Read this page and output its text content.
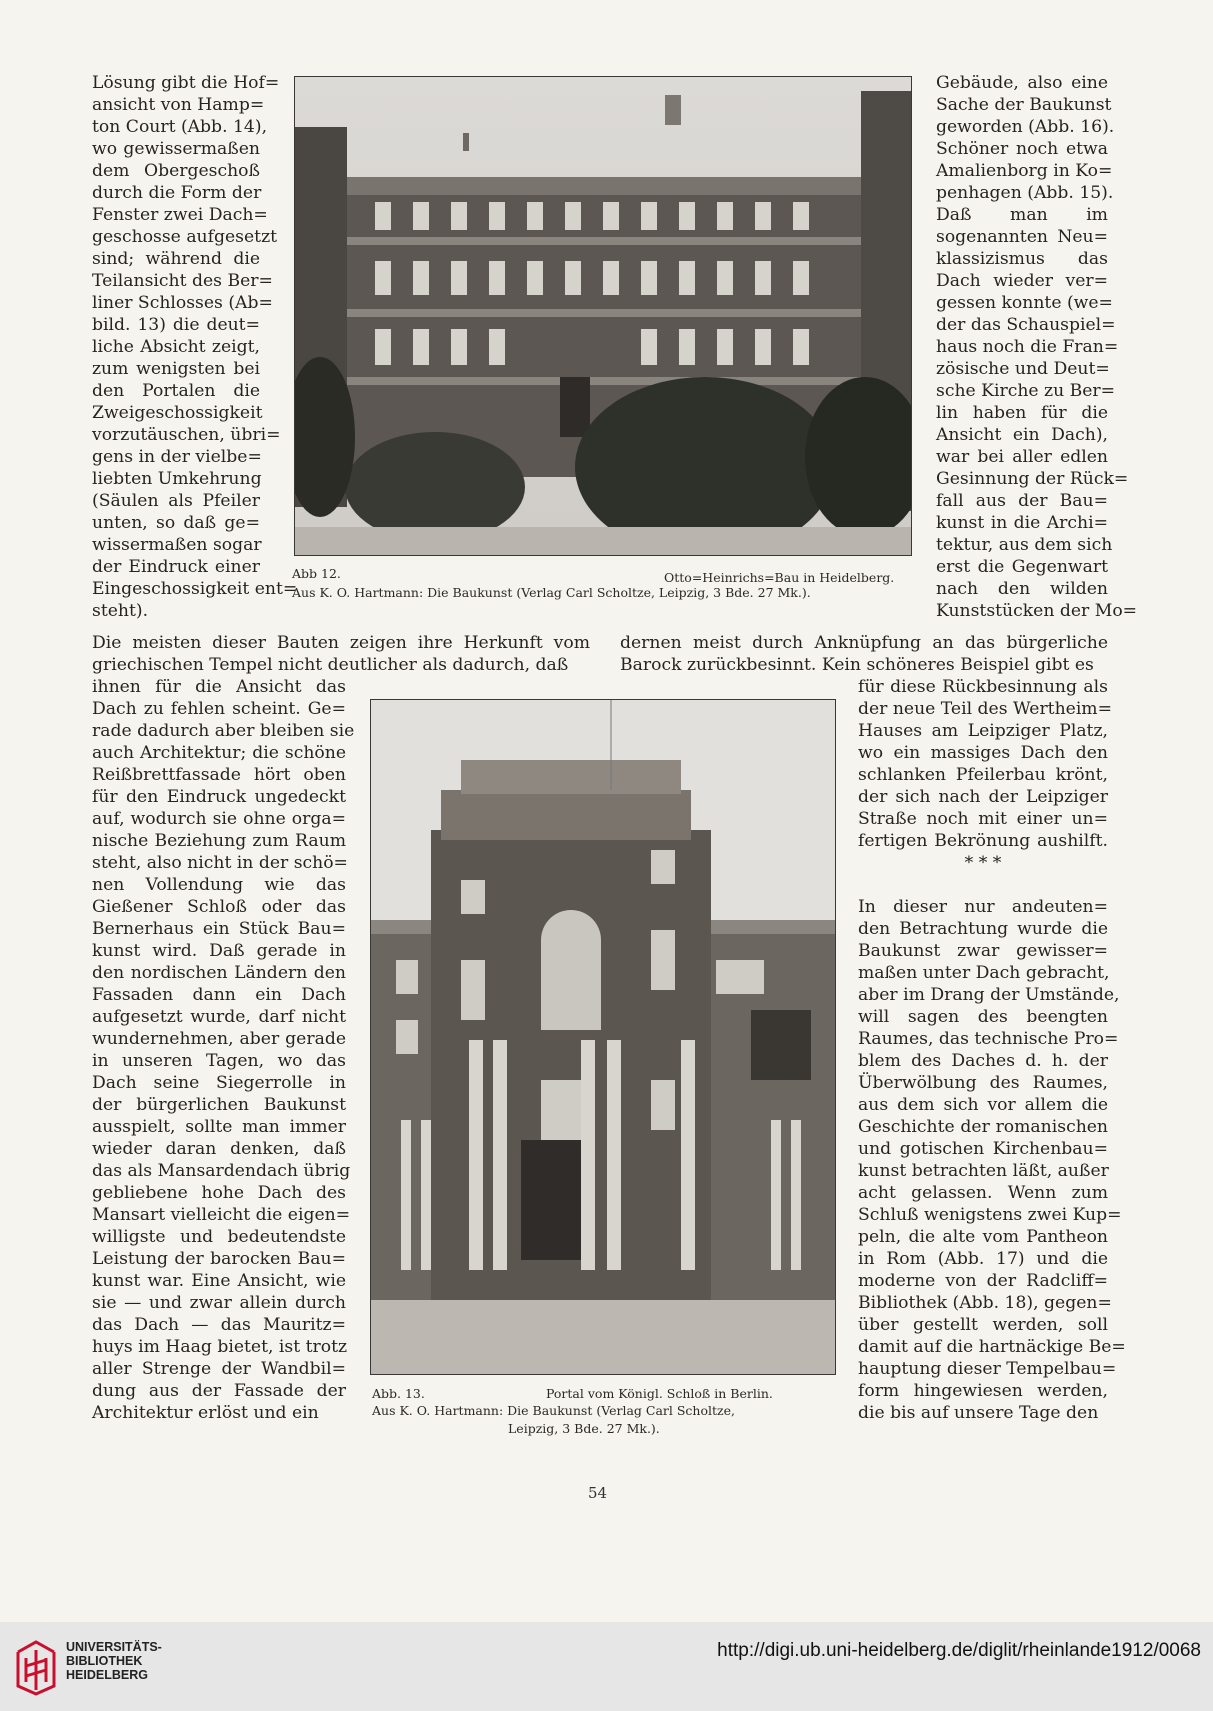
Lösung gibt die Hof=
ansicht von Hamp=
ton Court (Abb. 14),
wo gewissermaßen
dem Obergeschoß
durch die Form der
Fenster zwei Dach=
geschosse aufgesetzt
sind; während die
Teilansicht des Ber=
liner Schlosses (Ab=
bild. 13) die deut=
liche Absicht zeigt,
zum wenigsten bei
den Portalen die
Zweigeschossigkeit
vorzutäuschen, übri=
gens in der vielbe=
liebten Umkehrung
(Säulen als Pfeiler
unten, so daß ge=
wissermaßen sogar
der Eindruck einer
Eingeschossigkeit ent=
steht).
Abb 12.	Otto=Heinrichs=Bau in Heidelberg.
Aus K. O. Hartmann: Die Baukunst (Verlag Carl Scholtze, Leipzig, 3 Bde. 27 Mk.).
Gebäude, also eine
Sache der Baukunst
geworden (Abb. 16).
Schöner noch etwa
Amalienborg in Ko=
penhagen (Abb. 15).
Daß man im
sogenannten Neu=
klassizismus das
Dach wieder ver=
gessen konnte (we=
der das Schauspiel=
haus noch die Fran=
zösische und Deut=
sche Kirche zu Ber=
lin haben für die
Ansicht ein Dach),
war bei aller edlen
Gesinnung der Rück=
fall aus der Bau=
kunst in die Archi=
tektur, aus dem sich
erst die Gegenwart
nach den wilden
Kunststücken der Mo=
Die meisten dieser Bauten zeigen ihre Herkunft vom
griechischen Tempel nicht deutlicher als dadurch, daß
dernen meist durch Anknüpfung an das bürgerliche
Barock zurückbesinnt. Kein schöneres Beispiel gibt es
ihnen für die Ansicht das
Dach zu fehlen scheint. Ge=
rade dadurch aber bleiben sie
auch Architektur; die schöne
Reißbrettfassade hört oben
für den Eindruck ungedeckt
auf, wodurch sie ohne orga=
nische Beziehung zum Raum
steht, also nicht in der schö=
nen Vollendung wie das
Gießener Schloß oder das
Bernerhaus ein Stück Bau=
kunst wird. Daß gerade in
den nordischen Ländern den
Fassaden dann ein Dach
aufgesetzt wurde, darf nicht
wundernehmen, aber gerade
in unseren Tagen, wo das
Dach seine Siegerrolle in
der bürgerlichen Baukunst
ausspielt, sollte man immer
wieder daran denken, daß
das als Mansardendach übrig
gebliebene hohe Dach des
Mansart vielleicht die eigen=
willigste und bedeutendste
Leistung der barocken Bau=
kunst war. Eine Ansicht, wie
sie — und zwar allein durch
das Dach — das Mauritz=
huys im Haag bietet, ist trotz
aller Strenge der Wandbil=
dung aus der Fassade der
Architektur erlöst und ein
Abb. 13.	Portal vom Königl. Schloß in Berlin.
Aus K. O. Hartmann: Die Baukunst (Verlag Carl Scholtze,
Leipzig, 3 Bde. 27 Mk.).
für diese Rückbesinnung als
der neue Teil des Wertheim=
Hauses am Leipziger Platz,
wo ein massiges Dach den
schlanken Pfeilerbau krönt,
der sich nach der Leipziger
Straße noch mit einer un=
fertigen Bekrönung aushilft.
* * *
In dieser nur andeuten=
den Betrachtung wurde die
Baukunst zwar gewisser=
maßen unter Dach gebracht,
aber im Drang der Umstände,
will sagen des beengten
Raumes, das technische Pro=
blem des Daches d. h. der
Überwölbung des Raumes,
aus dem sich vor allem die
Geschichte der romanischen
und gotischen Kirchenbau=
kunst betrachten läßt, außer
acht gelassen. Wenn zum
Schluß wenigstens zwei Kup=
peln, die alte vom Pantheon
in Rom (Abb. 17) und die
moderne von der Radcliff=
Bibliothek (Abb. 18), gegen=
über gestellt werden, soll
damit auf die hartnäckige Be=
hauptung dieser Tempelbau=
form hingewiesen werden,
die bis auf unsere Tage den
54
UNIVERSITÄTS-
BIBLIOTHEK
HEIDELBERG
http://digi.ub.uni-heidelberg.de/diglit/rheinlande1912/0068
